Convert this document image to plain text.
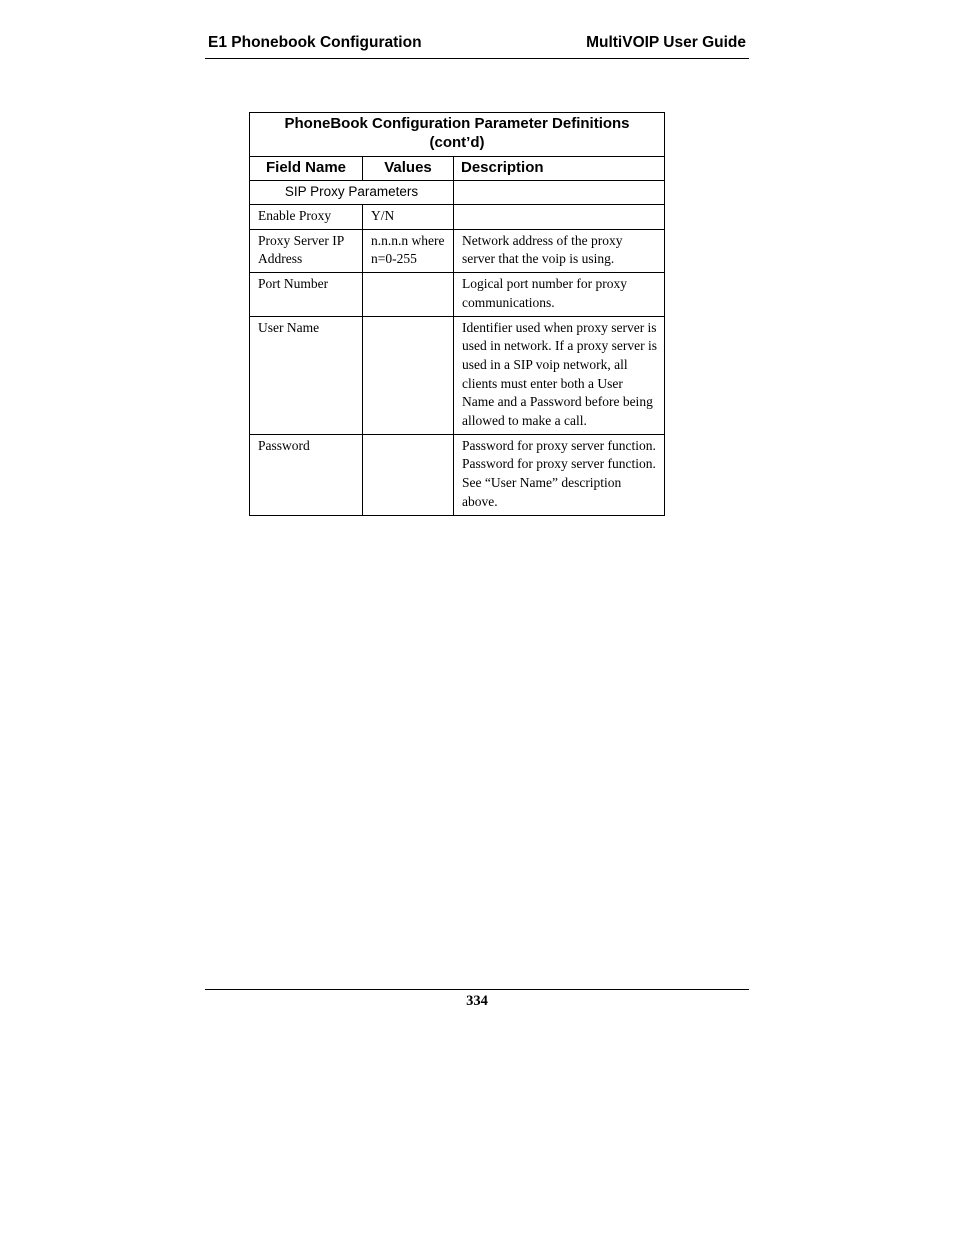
E1 Phonebook Configuration	MultiVOIP User Guide
PhoneBook Configuration Parameter Definitions
(cont’d)		

Field Name	Values	Description
SIP Proxy Parameters		
Enable Proxy	Y/N	
Proxy Server IP Address	n.n.n.n where n=0-255	Network address of the proxy server that the voip is using.
Port Number		Logical port number for proxy communications.
User Name		Identifier used when proxy server is used in network. If a proxy server is used in a SIP voip network, all clients must enter both a User Name and a Password before being allowed to make a call.
Password		Password for proxy server function. Password for proxy server function. See “User Name” description above.
334
